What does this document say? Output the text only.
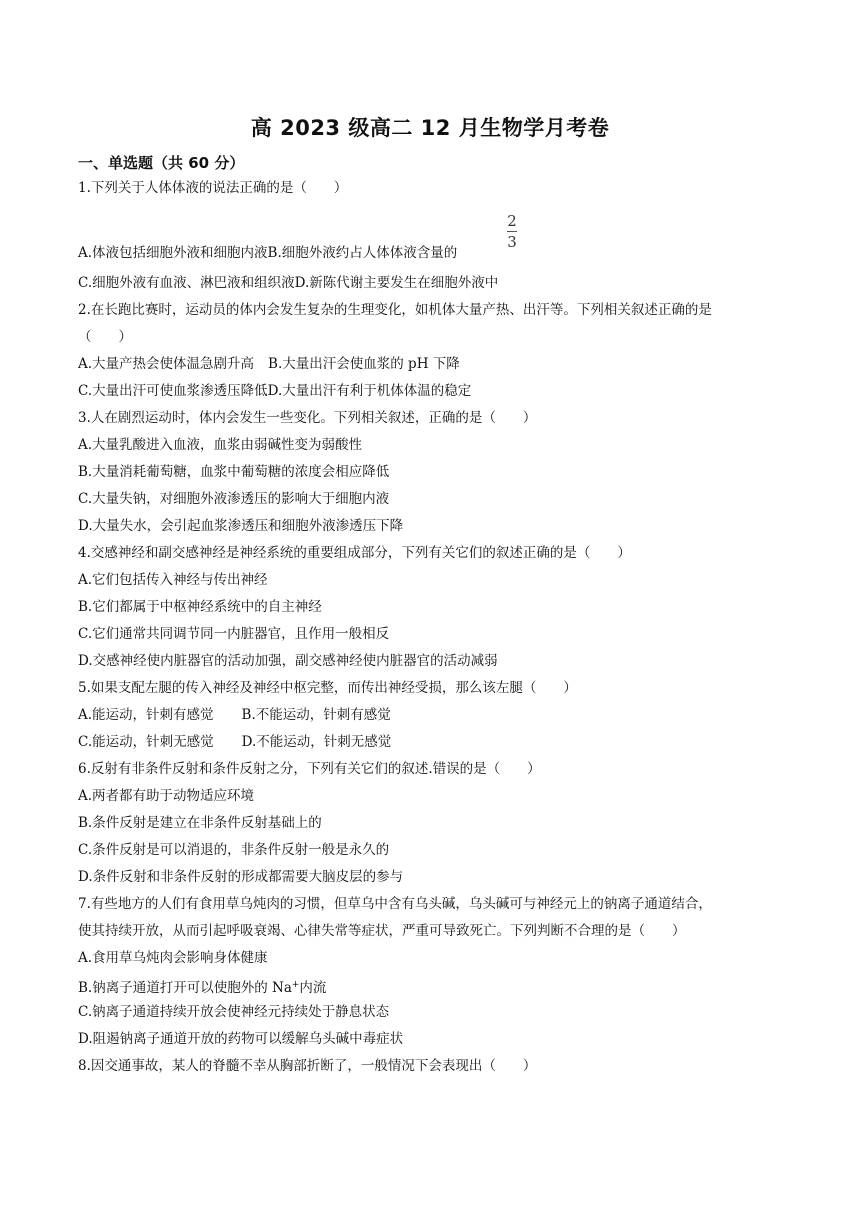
高 2023 级高二 12 月生物学月考卷
一、单选题（共 60 分）
1.下列关于人体体液的说法正确的是（　　）
2
3
A.体液包括细胞外液和细胞内液B.细胞外液约占人体体液含量的
C.细胞外液有血液、淋巴液和组织液D.新陈代谢主要发生在细胞外液中
2.在长跑比赛时，运动员的体内会发生复杂的生理变化，如机体大量产热、出汗等。下列相关叙述正确的是
（　　）
A.大量产热会使体温急剧升高 B.大量出汗会使血浆的 pH 下降
C.大量出汗可使血浆渗透压降低D.大量出汗有利于机体体温的稳定
3.人在剧烈运动时，体内会发生一些变化。下列相关叙述，正确的是（　　）
A.大量乳酸进入血液，血浆由弱碱性变为弱酸性
B.大量消耗葡萄糖，血浆中葡萄糖的浓度会相应降低
C.大量失钠，对细胞外液渗透压的影响大于细胞内液
D.大量失水，会引起血浆渗透压和细胞外液渗透压下降
4.交感神经和副交感神经是神经系统的重要组成部分，下列有关它们的叙述正确的是（　　）
A.它们包括传入神经与传出神经
B.它们都属于中枢神经系统中的自主神经
C.它们通常共同调节同一内脏器官，且作用一般相反
D.交感神经使内脏器官的活动加强，副交感神经使内脏器官的活动减弱
5.如果支配左腿的传入神经及神经中枢完整，而传出神经受损，那么该左腿（　　）
A.能运动，针刺有感觉 B.不能运动，针刺有感觉
C.能运动，针刺无感觉 D.不能运动，针刺无感觉
6.反射有非条件反射和条件反射之分，下列有关它们的叙述.错误的是（　　）
A.两者都有助于动物适应环境
B.条件反射是建立在非条件反射基础上的
C.条件反射是可以消退的，非条件反射一般是永久的
D.条件反射和非条件反射的形成都需要大脑皮层的参与
7.有些地方的人们有食用草乌炖肉的习惯，但草乌中含有乌头碱，乌头碱可与神经元上的钠离子通道结合，
使其持续开放，从而引起呼吸衰竭、心律失常等症状，严重可导致死亡。下列判断不合理的是（　　）
A.食用草乌炖肉会影响身体健康
B.钠离子通道打开可以使胞外的 Na+内流
C.钠离子通道持续开放会使神经元持续处于静息状态
D.阻遏钠离子通道开放的药物可以缓解乌头碱中毒症状
8.因交通事故，某人的脊髓不幸从胸部折断了，一般情况下会表现出（　　）
